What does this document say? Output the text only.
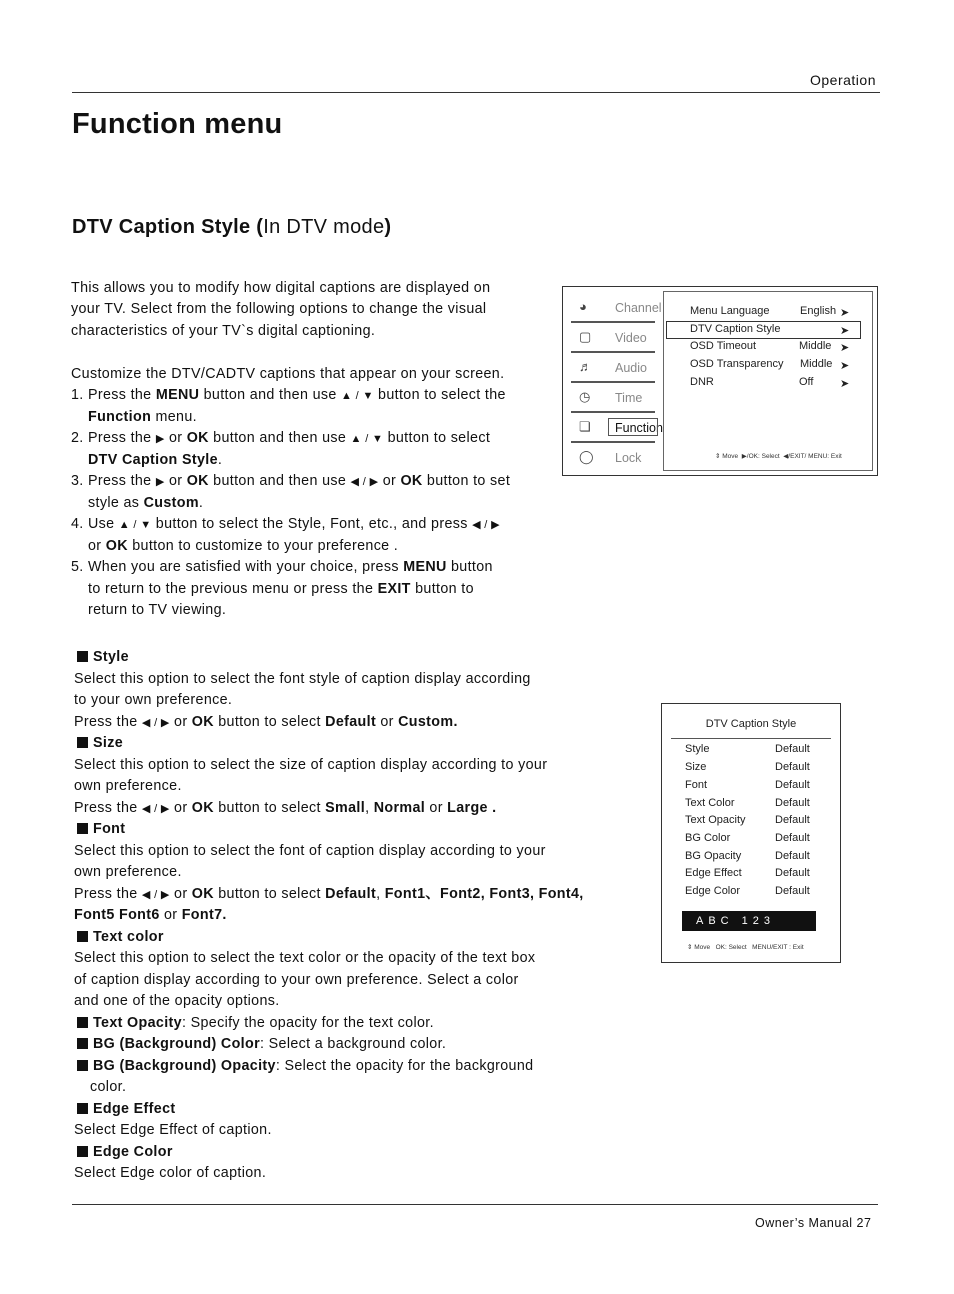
Operation
Function menu
DTV Caption Style (In DTV mode)
This allows you to modify how digital captions are displayed on
your TV. Select from the following options to change the visual
characteristics of your TV`s digital captioning.
Customize the DTV/CADTV captions that appear on your screen.
1. Press the MENU button and then use ▲ / ▼ button to select the
Function menu.
2. Press the ▶ or OK button and then use ▲ / ▼ button to select
DTV Caption Style.
3. Press the ▶ or OK button and then use ◀ / ▶ or OK button to set
style as Custom.
4. Use ▲ / ▼ button to select the Style, Font, etc., and press ◀ / ▶
or OK button to customize to your preference .
5. When you are satisfied with your choice, press MENU button
to return to the previous menu or press the EXIT button to
return to TV viewing.
Style
Select this option to select the font style of caption display according
to your own preference.
Press the ◀ / ▶ or OK button to select Default or Custom.
Size
Select this option to select the size of caption display according to your
own preference.
Press the ◀ / ▶ or OK button to select Small, Normal or Large .
Font
Select this option to select the font of caption display according to your
own preference.
Press the ◀ / ▶ or OK button to select Default, Font1、Font2, Font3, Font4,
Font5 Font6 or Font7.
Text color
Select this option to select the text color or the opacity of the text box
of caption display according to your own preference. Select a color
and one of the opacity options.
Text Opacity: Specify the opacity for the text color.
BG (Background) Color: Select a background color.
BG (Background) Opacity: Select the opacity for the background
color.
Edge Effect
Select Edge Effect of caption.
Edge Color
Select Edge color of caption.
◕	Channel
▢ Video
♬ Audio
◷	Time
❏	Function
◯ Lock
Menu Language	English ➤
DTV Caption Style	➤
OSD Timeout	Middle ➤
OSD Transparency Middle ➤
DNR	Off ➤
⇕ Move ▶/OK: Select ◀/EXIT/ MENU: Exit
DTV Caption Style
Style	Default
Size	Default
Font	Default
Text Color	Default
Text Opacity	Default
BG Color	Default
BG Opacity	Default
Edge Effect	Default
Edge Color	Default
ABC 123
⇕ Move OK: Select MENU/EXIT : Exit
Owner’s Manual 27
